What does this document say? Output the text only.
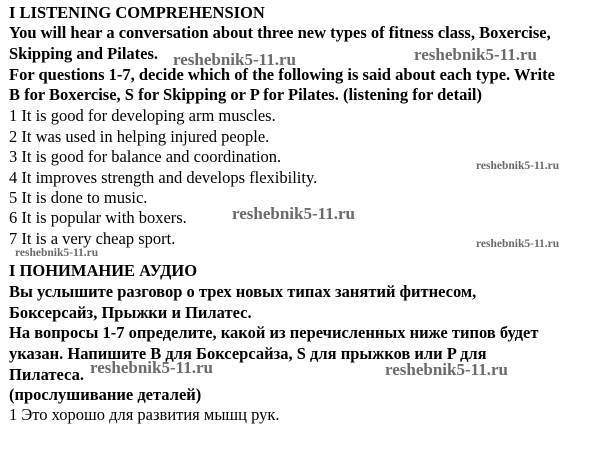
I LISTENING COMPREHENSION
You will hear a conversation about three new types of fitness class, Boxercise,
Skipping and Pilates.
For questions 1-7, decide which of the following is said about each type. Write
B for Boxercise, S for Skipping or P for Pilates. (listening for detail)
1 It is good for developing arm muscles.
2 It was used in helping injured people.
3 It is good for balance and coordination.
4 It improves strength and develops flexibility.
5 It is done to music.
6 It is popular with boxers.
7 It is a very cheap sport.
I ПОНИМАНИЕ АУДИО
Вы услышите разговор о трех новых типах занятий фитнесом,
Боксерсайз, Прыжки и Пилатес.
На вопросы 1-7 определите, какой из перечисленных ниже типов будет
указан. Напишите B для Боксерсайза, S для прыжков или P для
Пилатеса.
(прослушивание деталей)
1 Это хорошо для развития мышц рук.
reshebnik5-11.ru	reshebnik5-11.ru
reshebnik5-11.ru
reshebnik5-11.ru
reshebnik5-11.ru
reshebnik5-11.ru
reshebnik5-11.ru	reshebnik5-11.ru
